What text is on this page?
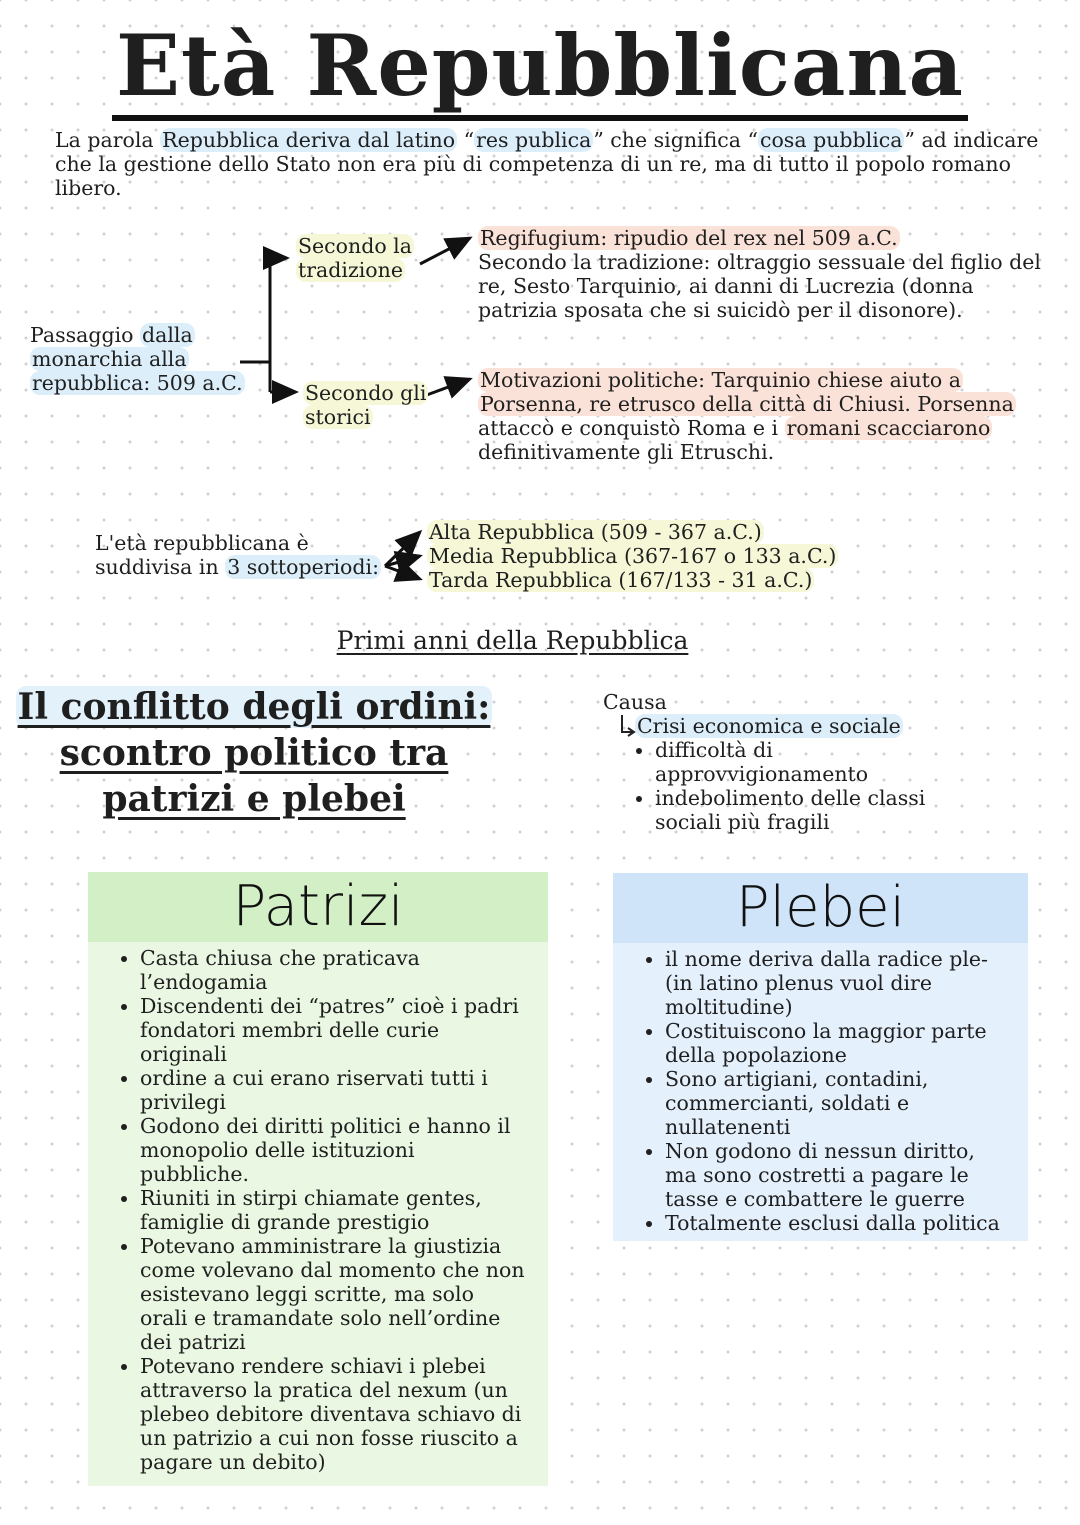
Età Repubblicana
La parola Repubblica deriva dal latino “res publica” che significa “cosa pubblica” ad indicare che la gestione dello Stato non era più di competenza di un re, ma di tutto il popolo romano libero.
Passaggio dalla
monarchia alla
repubblica: 509 a.C.
Secondo la
tradizione
Regifugium: ripudio del rex nel 509 a.C.
Secondo la tradizione: oltraggio sessuale del figlio del
re, Sesto Tarquinio, ai danni di Lucrezia (donna
patrizia sposata che si suicidò per il disonore).
Secondo gli
storici
Motivazioni politiche: Tarquinio chiese aiuto a
Porsenna, re etrusco della città di Chiusi. Porsenna
attaccò e conquistò Roma e i romani scacciarono
definitivamente gli Etruschi.
L'età repubblicana è
suddivisa in 3 sottoperiodi:
Alta Repubblica (509 - 367 a.C.)
Media Repubblica (367-167 o 133 a.C.)
Tarda Repubblica (167/133 - 31 a.C.)
Primi anni della Repubblica
Il conflitto degli ordini:
scontro politico tra
patrizi e plebei
Causa
Crisi economica e sociale
• difficoltà di approvvigionamento
• indebolimento delle classi sociali più fragili
Patrizi
• Casta chiusa che praticava l’endogamia
• Discendenti dei “patres” cioè i padri fondatori membri delle curie originali
• ordine a cui erano riservati tutti i privilegi
• Godono dei diritti politici e hanno il monopolio delle istituzioni pubbliche.
• Riuniti in stirpi chiamate gentes, famiglie di grande prestigio
• Potevano amministrare la giustizia come volevano dal momento che non esistevano leggi scritte, ma solo orali e tramandate solo nell’ordine dei patrizi
• Potevano rendere schiavi i plebei attraverso la pratica del nexum (un plebeo debitore diventava schiavo di un patrizio a cui non fosse riuscito a pagare un debito)
Plebei
• il nome deriva dalla radice ple- (in latino plenus vuol dire moltitudine)
• Costituiscono la maggior parte della popolazione
• Sono artigiani, contadini, commercianti, soldati e nullatenenti
• Non godono di nessun diritto, ma sono costretti a pagare le tasse e combattere le guerre
• Totalmente esclusi dalla politica
